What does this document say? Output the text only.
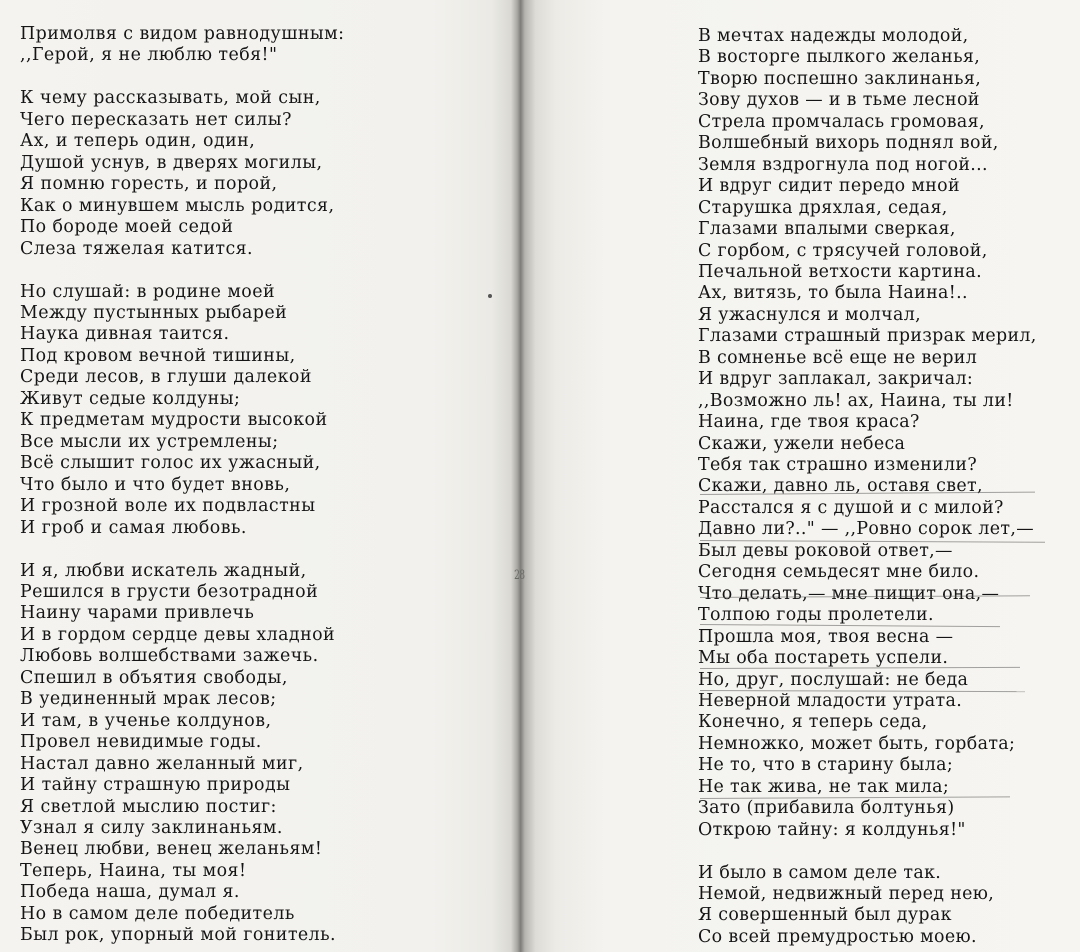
Примолвя с видом равнодушным:
,,Герой, я не люблю тебя!"
К чему рассказывать, мой сын,
Чего пересказать нет силы?
Ах, и теперь один, один,
Душой уснув, в дверях могилы,
Я помню горесть, и порой,
Как о минувшем мысль родится,
По бороде моей седой
Слеза тяжелая катится.
Но слушай: в родине моей
Между пустынных рыбарей
Наука дивная таится.
Под кровом вечной тишины,
Среди лесов, в глуши далекой
Живут седые колдуны;
К предметам мудрости высокой
Все мысли их устремлены;
Всё слышит голос их ужасный,
Что было и что будет вновь,
И грозной воле их подвластны
И гроб и самая любовь.
И я, любви искатель жадный,
Решился в грусти безотрадной
Наину чарами привлечь
И в гордом сердце девы хладной
Любовь волшебствами зажечь.
Спешил в объятия свободы,
В уединенный мрак лесов;
И там, в ученье колдунов,
Провел невидимые годы.
Настал давно желанный миг,
И тайну страшную природы
Я светлой мыслию постиг:
Узнал я силу заклинаньям.
Венец любви, венец желаньям!
Теперь, Наина, ты моя!
Победа наша, думал я.
Но в самом деле победитель
Был рок, упорный мой гонитель.
28
В мечтах надежды молодой,
В восторге пылкого желанья,
Творю поспешно заклинанья,
Зову духов — и в тьме лесной
Стрела промчалась громовая,
Волшебный вихорь поднял вой,
Земля вздрогнула под ногой...
И вдруг сидит передо мной
Старушка дряхлая, седая,
Глазами впалыми сверкая,
С горбом, с трясучей головой,
Печальной ветхости картина.
Ах, витязь, то была Наина!..
Я ужаснулся и молчал,
Глазами страшный призрак мерил,
В сомненье всё еще не верил
И вдруг заплакал, закричал:
,,Возможно ль! ах, Наина, ты ли!
Наина, где твоя краса?
Скажи, ужели небеса
Тебя так страшно изменили?
Скажи, давно ль, оставя свет,
Расстался я с душой и с милой?
Давно ли?.." — ,,Ровно сорок лет,—
Был девы роковой ответ,—
Сегодня семьдесят мне било.
Что делать,— мне пищит она,—
Толпою годы пролетели.
Прошла моя, твоя весна —
Мы оба постареть успели.
Но, друг, послушай: не беда
Неверной младости утрата.
Конечно, я теперь седа,
Немножко, может быть, горбата;
Не то, что в старину была;
Не так жива, не так мила;
Зато (прибавила болтунья)
Открою тайну: я колдунья!"
И было в самом деле так.
Немой, недвижный перед нею,
Я совершенный был дурак
Со всей премудростью моею.
